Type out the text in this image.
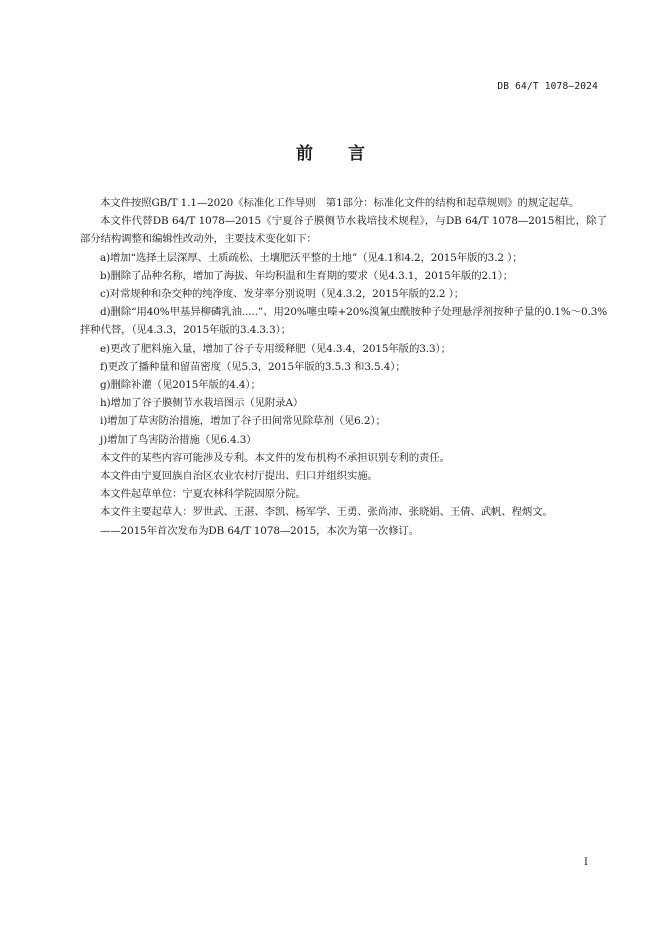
DB 64/T 1078—2024
前 言

本文件按照GB/T 1.1—2020《标准化工作导则　第1部分：标准化文件的结构和起草规则》的规定起草。

本文件代替DB 64/T 1078—2015《宁夏谷子膜侧节水栽培技术规程》，与DB 64/T 1078—2015相比，除了部分结构调整和编辑性改动外，主要技术变化如下：

a)增加“选择土层深厚、土质疏松、土壤肥沃平整的土地”（见4.1和4.2，2015年版的3.2 ）；

b)删除了品种名称，增加了海拔、年均积温和生育期的要求（见4.3.1，2015年版的2.1）；

c)对常规种和杂交种的纯净度、发芽率分别说明（见4.3.2，2015年版的2.2 ）；

d)删除“用40%甲基异柳磷乳油.....”、用20%噻虫嗪+20%溴氰虫酰胺种子处理悬浮剂按种子量的0.1%～0.3%拌种代替，（见4.3.3，2015年版的3.4.3.3）；

e)更改了肥料施入量，增加了谷子专用缓释肥（见4.3.4，2015年版的3.3）；

f)更改了播种量和留苗密度（见5.3，2015年版的3.5.3 和3.5.4）；

g)删除补灌（见2015年版的4.4）；

h)增加了谷子膜侧节水栽培图示（见附录A）

i)增加了草害防治措施，增加了谷子田间常见除草剂（见6.2）；

j)增加了鸟害防治措施（见6.4.3）

本文件的某些内容可能涉及专利。本文件的发布机构不承担识别专利的责任。

本文件由宁夏回族自治区农业农村厅提出、归口并组织实施。

本文件起草单位：宁夏农林科学院固原分院。

本文件主要起草人：罗世武、王湛、李凯、杨军学、王勇、张尚沛、张晓娟、王倩、武帆、程炳文。

——2015年首次发布为DB 64/T 1078—2015，本次为第一次修订。

I
